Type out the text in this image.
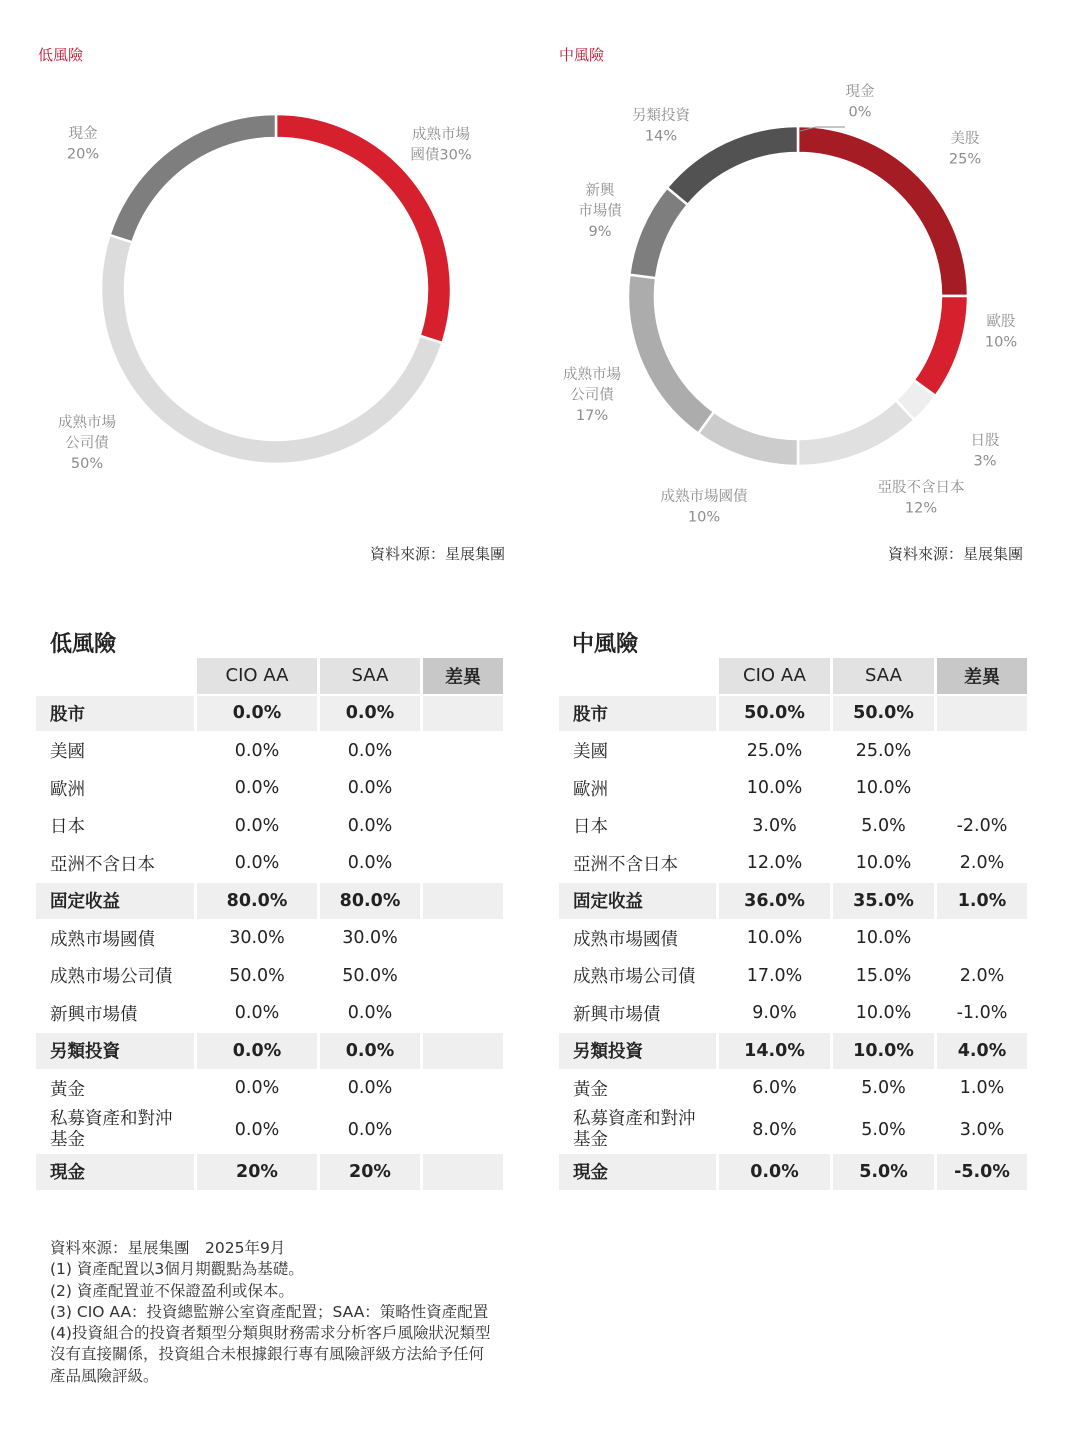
低風險	中風險
成熟市場國債30%
成熟市場公司債 50%
現金 20%
現金 0%
美股 25%
歐股 10%
日股 3%
亞股不含日本 12%
成熟市場國債 10%
成熟市場公司債 17%
新興市場債 9%
另類投資 14%
資料來源：星展集團	資料來源：星展集團
低風險	中風險
	CIO AA	SAA	差異
股市	0.0%	0.0%	
美國	0.0%	0.0%	
歐洲	0.0%	0.0%	
日本	0.0%	0.0%	
亞洲不含日本	0.0%	0.0%	
固定收益	80.0%	80.0%	
成熟市場國債	30.0%	30.0%	
成熟市場公司債	50.0%	50.0%	
新興市場債	0.0%	0.0%	
另類投資	0.0%	0.0%	
黃金	0.0%	0.0%	
私募資產和對沖
基金	0.0%	0.0%	
現金	20%	20%	
	CIO AA	SAA	差異
股市	50.0%	50.0%	
美國	25.0%	25.0%	
歐洲	10.0%	10.0%	
日本	3.0%	5.0%	-2.0%
亞洲不含日本	12.0%	10.0%	2.0%
固定收益	36.0%	35.0%	1.0%
成熟市場國債	10.0%	10.0%	
成熟市場公司債	17.0%	15.0%	2.0%
新興市場債	9.0%	10.0%	-1.0%
另類投資	14.0%	10.0%	4.0%
黃金	6.0%	5.0%	1.0%
私募資產和對沖
基金	8.0%	5.0%	3.0%
現金	0.0%	5.0%	-5.0%
資料來源：星展集團　2025年9月
(1) 資產配置以3個月期觀點為基礎。
(2) 資產配置並不保證盈利或保本。
(3) CIO AA：投資總監辦公室資產配置；SAA：策略性資產配置
(4)投資組合的投資者類型分類與財務需求分析客戶風險狀況類型
沒有直接關係，投資組合未根據銀行專有風險評級方法給予任何
產品風險評級。
